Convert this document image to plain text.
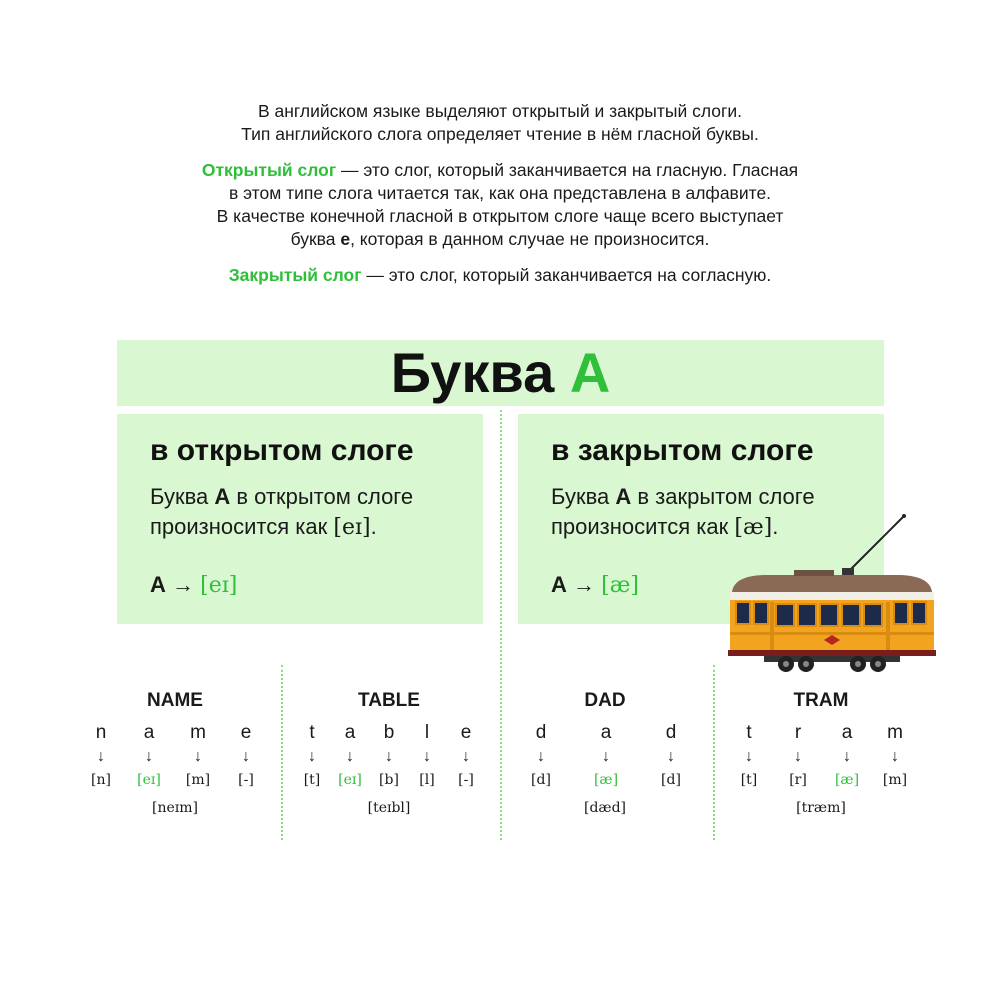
В английском языке выделяют открытый и закрытый слоги.
Тип английского слога определяет чтение в нём гласной буквы.

Открытый слог — это слог, который заканчивается на гласную. Гласная
в этом типе слога читается так, как она представлена в алфавите.
В качестве конечной гласной в открытом слоге чаще всего выступает
буква e, которая в данном случае не произносится.

Закрытый слог — это слог, который заканчивается на согласную.

Буква А
в открытом слоге
Буква А в открытом слоге
произносится как [eɪ].
А → [eɪ]
в закрытом слоге
Буква А в закрытом слоге
произносится как [æ].
А → [æ]
NAME
n
↓
[n]
a
↓
[eɪ]
m
↓
[m]
e
↓
[-]
[neɪm]
TABLE
t
↓
[t]
a
↓
[eɪ]
b
↓
[b]
l
↓
[l]
e
↓
[-]
[teɪbl]
DAD
d
↓
[d]
a
↓
[æ]
d
↓
[d]
[dæd]
TRAM
t
↓
[t]
r
↓
[r]
a
↓
[æ]
m
↓
[m]
[træm]
